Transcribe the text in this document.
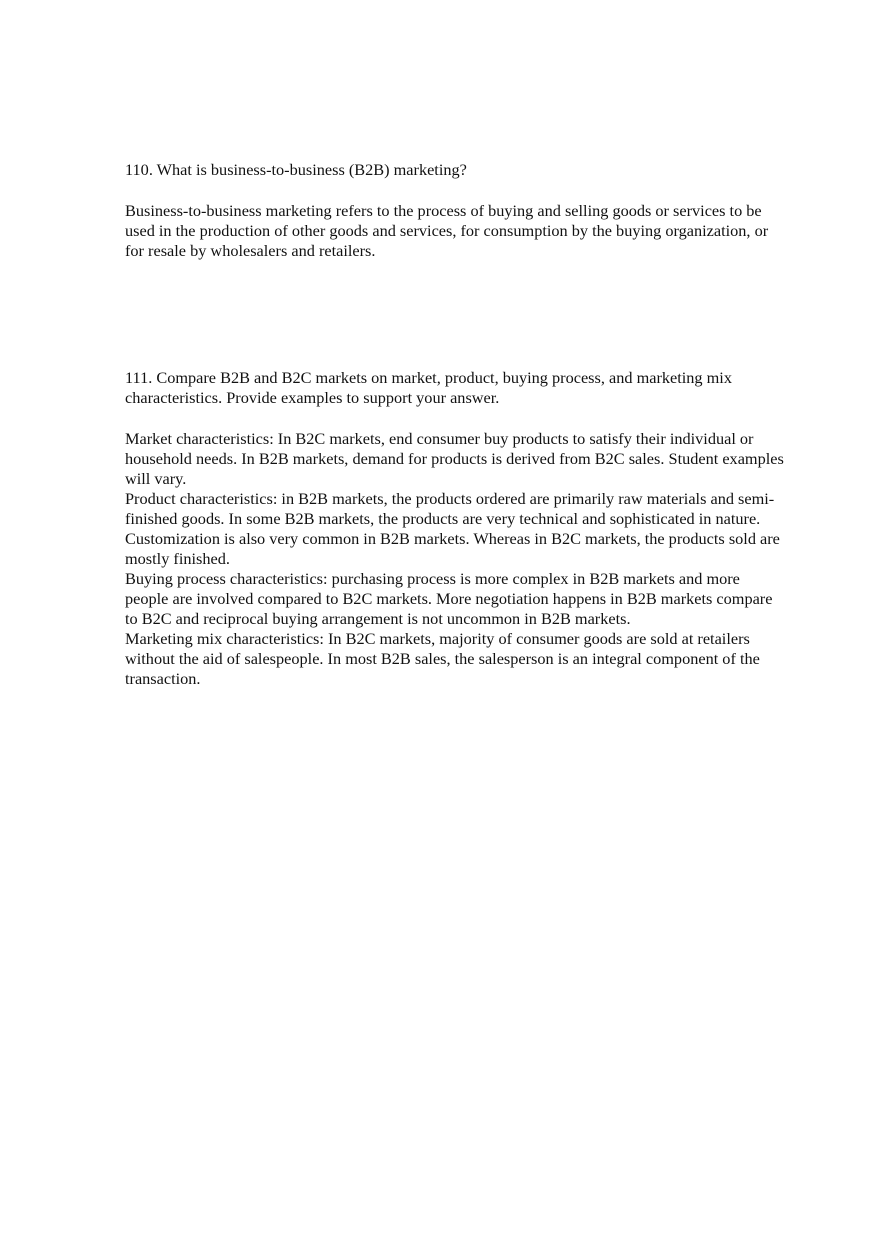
110. What is business-to-business (B2B) marketing?

Business-to-business marketing refers to the process of buying and selling goods or services to be used in the production of other goods and services, for consumption by the buying organization, or for resale by wholesalers and retailers.

111. Compare B2B and B2C markets on market, product, buying process, and marketing mix characteristics. Provide examples to support your answer.

Market characteristics: In B2C markets, end consumer buy products to satisfy their individual or household needs. In B2B markets, demand for products is derived from B2C sales. Student examples will vary.

Product characteristics: in B2B markets, the products ordered are primarily raw materials and semi-finished goods. In some B2B markets, the products are very technical and sophisticated in nature. Customization is also very common in B2B markets. Whereas in B2C markets, the products sold are mostly finished.

Buying process characteristics: purchasing process is more complex in B2B markets and more people are involved compared to B2C markets. More negotiation happens in B2B markets compare to B2C and reciprocal buying arrangement is not uncommon in B2B markets.

Marketing mix characteristics: In B2C markets, majority of consumer goods are sold at retailers without the aid of salespeople. In most B2B sales, the salesperson is an integral component of the transaction.
